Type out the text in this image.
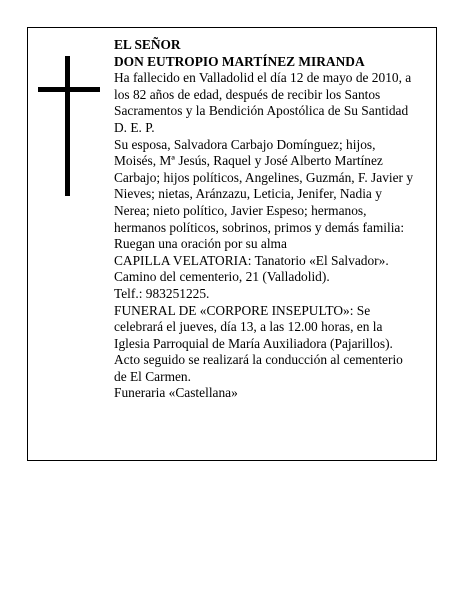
EL SEÑOR
DON EUTROPIO MARTÍNEZ MIRANDA
Ha fallecido en Valladolid el día 12 de mayo de 2010, a
los 82 años de edad, después de recibir los Santos
Sacramentos y la Bendición Apostólica de Su Santidad
D. E. P.
Su esposa, Salvadora Carbajo Domínguez; hijos,
Moisés, Mª Jesús, Raquel y José Alberto Martínez
Carbajo; hijos políticos, Angelines, Guzmán, F. Javier y
Nieves; nietas, Aránzazu, Leticia, Jenifer, Nadia y
Nerea; nieto político, Javier Espeso; hermanos,
hermanos políticos, sobrinos, primos y demás familia:
Ruegan una oración por su alma
CAPILLA VELATORIA: Tanatorio «El Salvador».
Camino del cementerio, 21 (Valladolid).
Telf.: 983251225.
FUNERAL DE «CORPORE INSEPULTO»: Se
celebrará el jueves, día 13, a las 12.00 horas, en la
Iglesia Parroquial de María Auxiliadora (Pajarillos).
Acto seguido se realizará la conducción al cementerio
de El Carmen.
Funeraria «Castellana»
